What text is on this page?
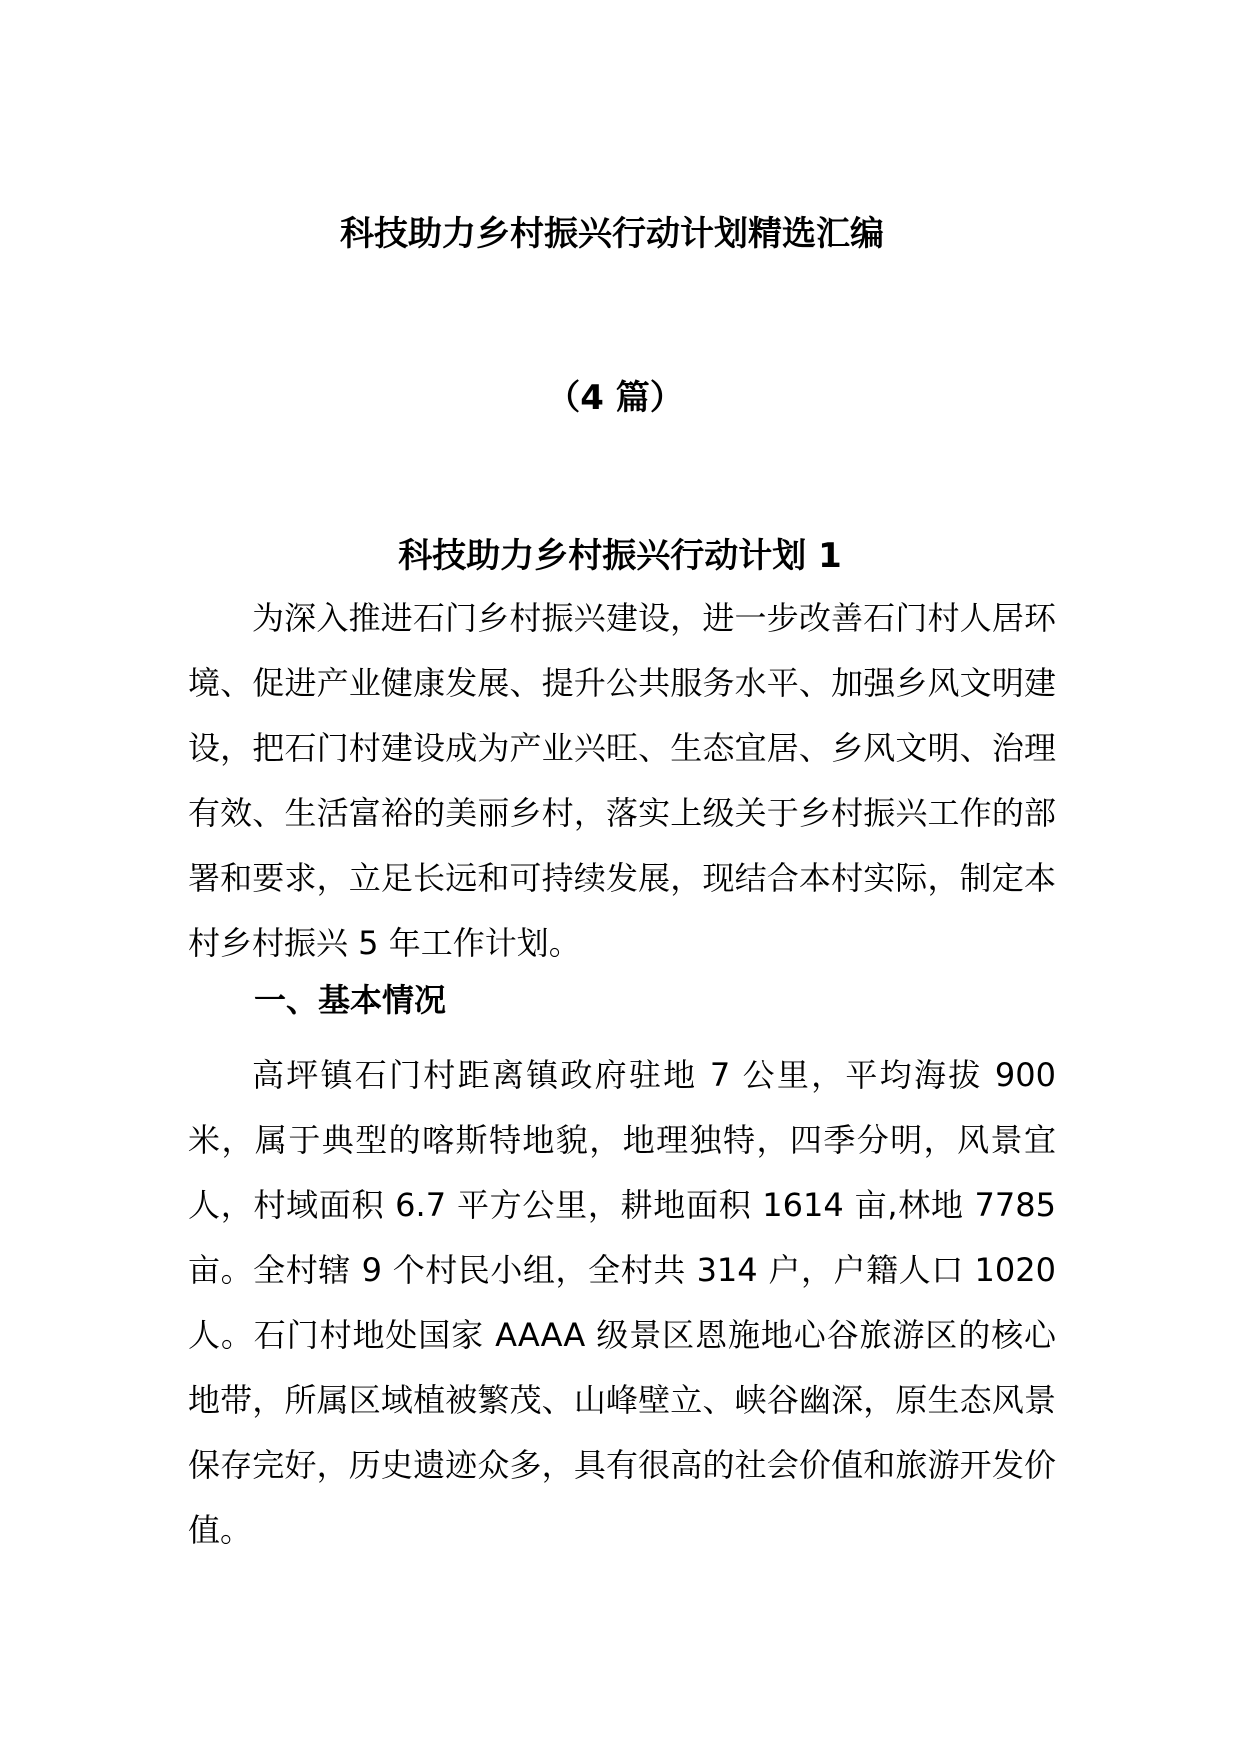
科技助力乡村振兴行动计划精选汇编
（4 篇）
科技助力乡村振兴行动计划 1

为深入推进石门乡村振兴建设，进一步改善石门村人居环境、促进产业健康发展、提升公共服务水平、加强乡风文明建设，把石门村建设成为产业兴旺、生态宜居、乡风文明、治理有效、生活富裕的美丽乡村，落实上级关于乡村振兴工作的部署和要求，立足长远和可持续发展，现结合本村实际，制定本村乡村振兴 5 年工作计划。

一、基本情况

高坪镇石门村距离镇政府驻地 7 公里，平均海拔 900 米，属于典型的喀斯特地貌，地理独特，四季分明，风景宜人，村域面积 6.7 平方公里，耕地面积 1614 亩,林地 7785 亩。全村辖 9 个村民小组，全村共 314 户，户籍人口 1020 人。石门村地处国家 AAAA 级景区恩施地心谷旅游区的核心地带，所属区域植被繁茂、山峰壁立、峡谷幽深，原生态风景保存完好，历史遗迹众多，具有很高的社会价值和旅游开发价值。
